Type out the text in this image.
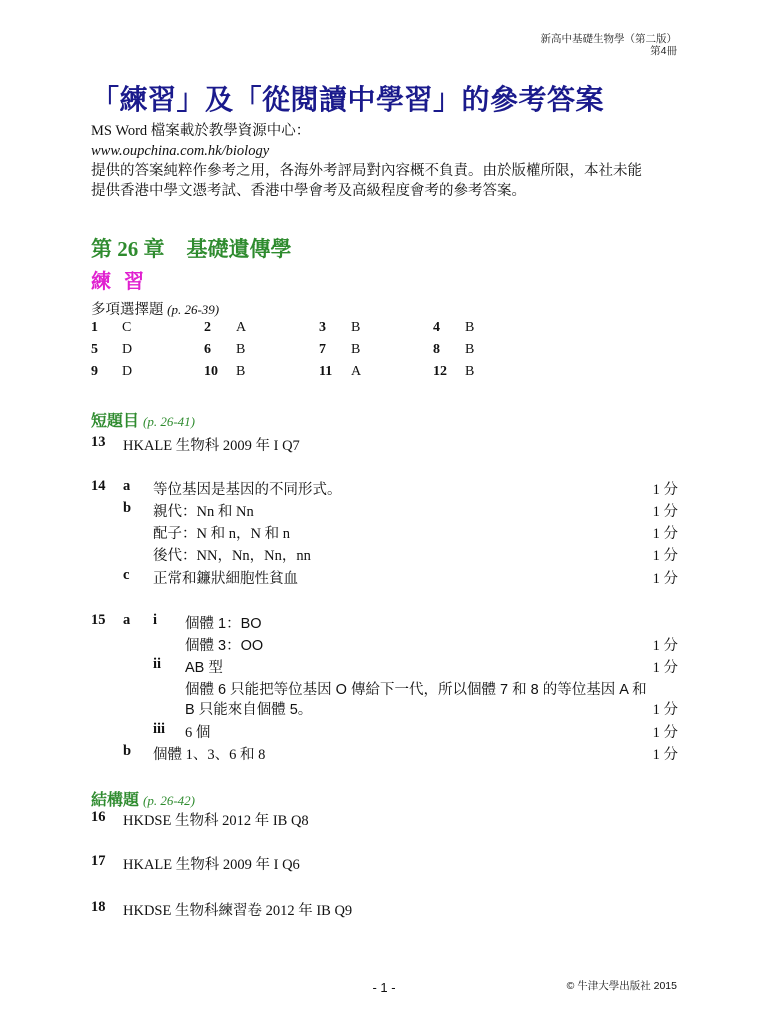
新高中基礎生物學（第二版）
第4冊
「練習」及「從閱讀中學習」的參考答案
MS Word 檔案載於教學資源中心：
www.oupchina.com.hk/biology
提供的答案純粹作參考之用，各海外考評局對內容概不負責。由於版權所限，本社未能
提供香港中學文憑考試、香港中學會考及高級程度會考的參考答案。
第 26 章 基礎遺傳學
練 習
多項選擇題 (p. 26-39)
1 C	2 A	3 B	4 B
5 D	6 B	7 B	8 B
9 D	10 B	11 A	12 B
短題目 (p. 26-41)
13 HKALE 生物科 2009 年 I Q7
14 a 等位基因是基因的不同形式。	1 分
b 親代：Nn 和 Nn	1 分
配子：N 和 n，N 和 n	1 分
後代：NN，Nn，Nn，nn	1 分
c 正常和鐮狀細胞性貧血	1 分
15 a i 個體 1：BO
個體 3：OO	1 分
ii AB 型	1 分
個體 6 只能把等位基因 O 傳給下一代，所以個體 7 和 8 的等位基因 A 和
B 只能來自個體 5。	1 分
iii 6 個	1 分
b 個體 1、3、6 和 8	1 分
結構題 (p. 26-42)
16 HKDSE 生物科 2012 年 IB Q8
17 HKALE 生物科 2009 年 I Q6
18 HKDSE 生物科練習卷 2012 年 IB Q9
- 1 -	© 牛津大學出版社 2015
